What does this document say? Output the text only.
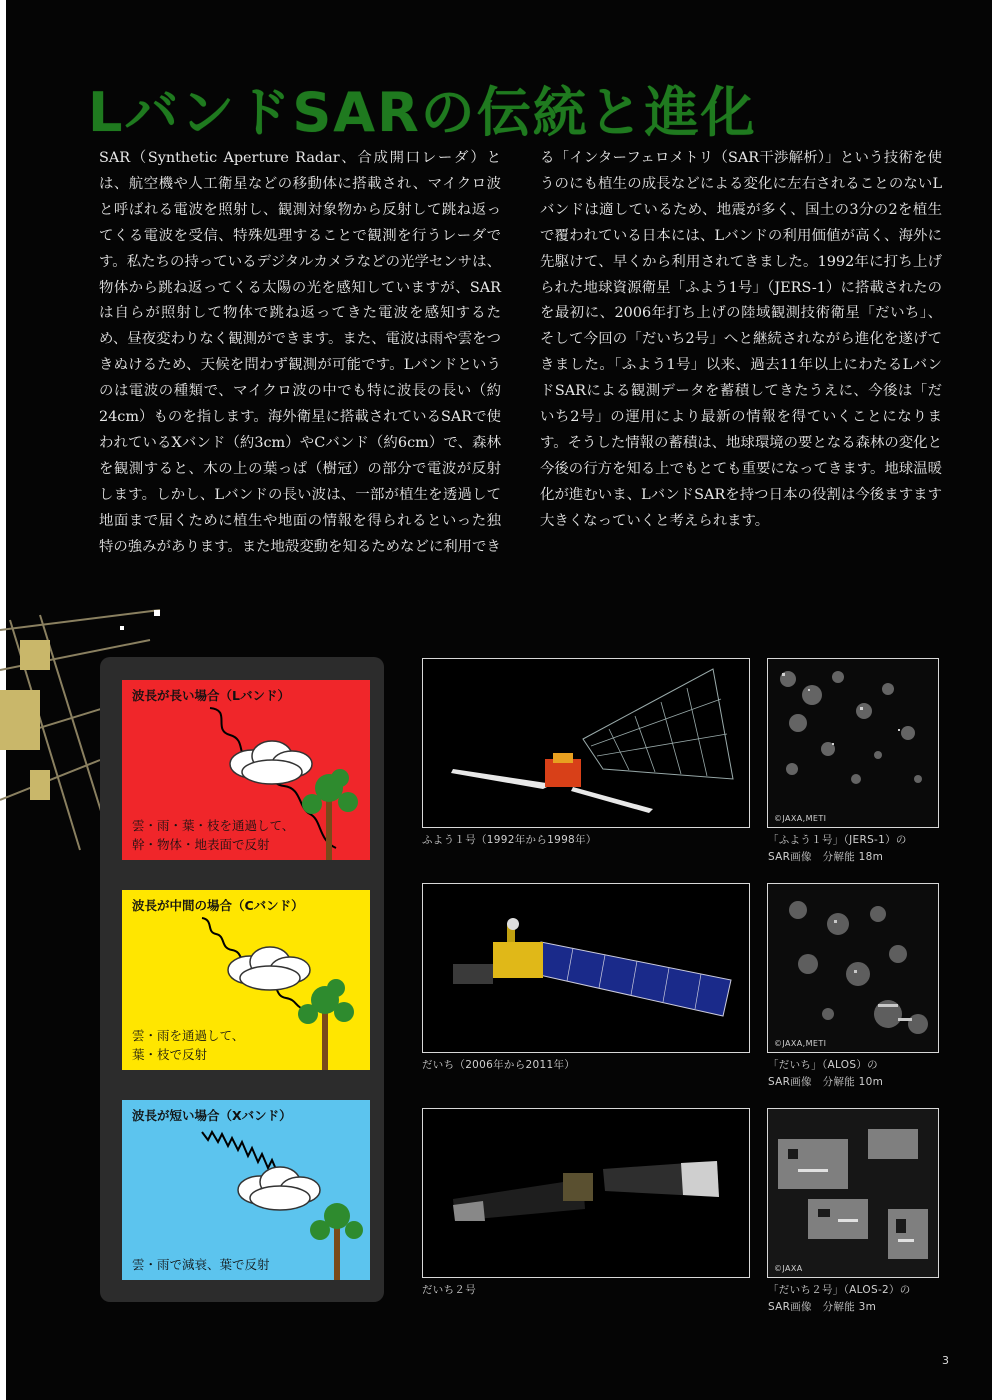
LバンドSARの伝統と進化

SAR（Synthetic Aperture Radar、合成開口レーダ）とは、航空機や人工衛星などの移動体に搭載され、マイクロ波と呼ばれる電波を照射し、観測対象物から反射して跳ね返ってくる電波を受信、特殊処理することで観測を行うレーダです。私たちの持っているデジタルカメラなどの光学センサは、物体から跳ね返ってくる太陽の光を感知していますが、SARは自らが照射して物体で跳ね返ってきた電波を感知するため、昼夜変わりなく観測ができます。また、電波は雨や雲をつきぬけるため、天候を問わず観測が可能です。Lバンドというのは電波の種類で、マイクロ波の中でも特に波長の長い（約24cm）ものを指します。海外衛星に搭載されているSARで使われているXバンド（約3cm）やCバンド（約6cm）で、森林を観測すると、木の上の葉っぱ（樹冠）の部分で電波が反射します。しかし、Lバンドの長い波は、一部が植生を透過して地面まで届くために植生や地面の情報を得られるといった独特の強みがあります。また地殻変動を知るためなどに利用でき

る「インターフェロメトリ（SAR干渉解析）」という技術を使うのにも植生の成長などによる変化に左右されることのないLバンドは適しているため、地震が多く、国土の3分の2を植生で覆われている日本には、Lバンドの利用価値が高く、海外に先駆けて、早くから利用されてきました。1992年に打ち上げられた地球資源衛星「ふよう1号」（JERS-1）に搭載されたのを最初に、2006年打ち上げの陸域観測技術衛星「だいち」、そして今回の「だいち2号」へと継続されながら進化を遂げてきました。「ふよう1号」以来、過去11年以上にわたるLバンドSARによる観測データを蓄積してきたうえに、今後は「だいち2号」の運用により最新の情報を得ていくことになります。そうした情報の蓄積は、地球環境の要となる森林の変化と今後の行方を知る上でもとても重要になってきます。地球温暖化が進むいま、LバンドSARを持つ日本の役割は今後ますます大きくなっていくと考えられます。

波長が長い場合（Lバンド）

雲・雨・葉・枝を通過して、
幹・物体・地表面で反射

波長が中間の場合（Cバンド）

雲・雨を通過して、
葉・枝で反射

波長が短い場合（Xバンド）

雲・雨で減衰、葉で反射

ふよう１号（1992年から1998年）

だいち（2006年から2011年）

だいち２号

©JAXA,METI

「ふよう１号」（JERS-1）の
SAR画像　分解能 18m

©JAXA,METI

「だいち」（ALOS）の
SAR画像　分解能 10m

©JAXA

「だいち２号」（ALOS-2）の
SAR画像　分解能 3m

3
